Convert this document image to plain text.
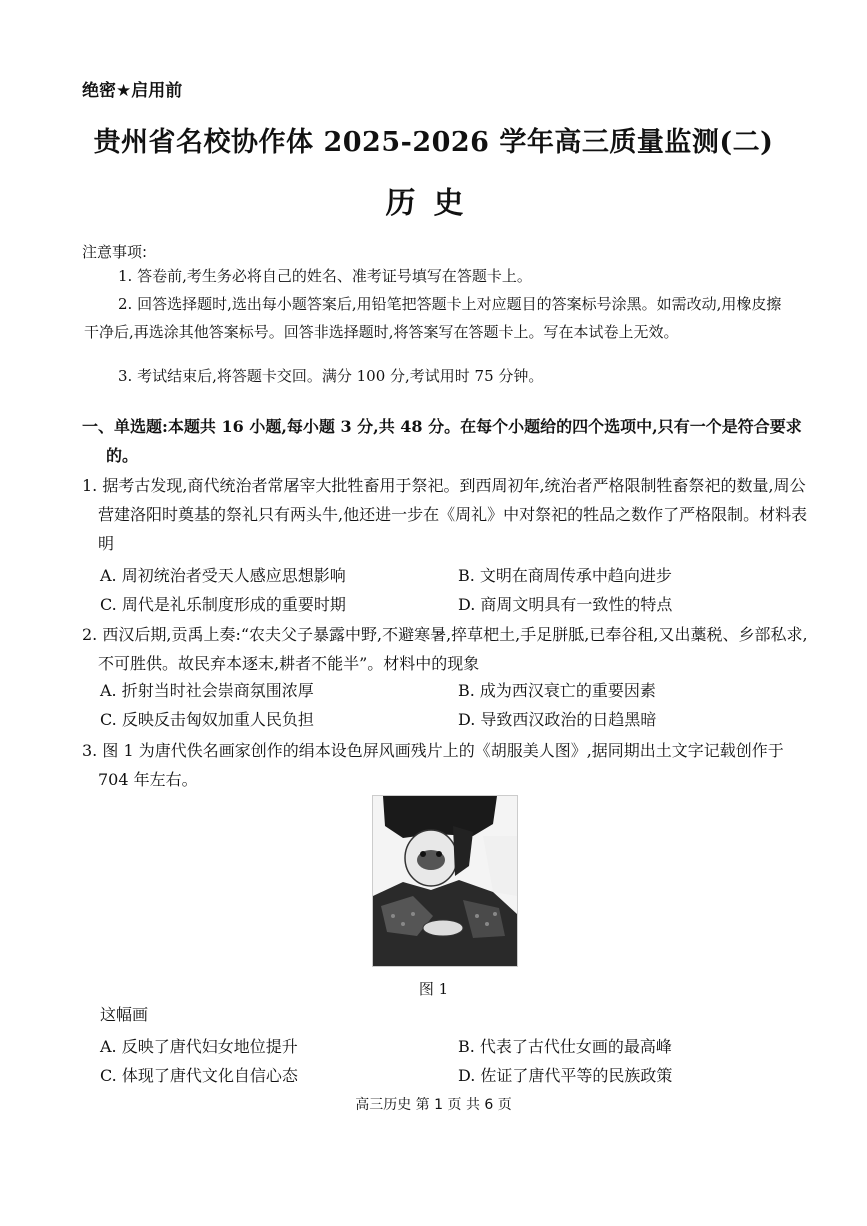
绝密★启用前
贵州省名校协作体 2025-2026 学年高三质量监测(二)
历史
注意事项:
1. 答卷前,考生务必将自己的姓名、准考证号填写在答题卡上。
2. 回答选择题时,选出每小题答案后,用铅笔把答题卡上对应题目的答案标号涂黑。如需改动,用橡皮擦干净后,再选涂其他答案标号。回答非选择题时,将答案写在答题卡上。写在本试卷上无效。
3. 考试结束后,将答题卡交回。满分 100 分,考试用时 75 分钟。
一、单选题:本题共 16 小题,每小题 3 分,共 48 分。在每个小题给的四个选项中,只有一个是符合要求的。
1. 据考古发现,商代统治者常屠宰大批牲畜用于祭祀。到西周初年,统治者严格限制牲畜祭祀的数量,周公营建洛阳时奠基的祭礼只有两头牛,他还进一步在《周礼》中对祭祀的牲品之数作了严格限制。材料表明
A. 周初统治者受天人感应思想影响	B. 文明在商周传承中趋向进步
C. 周代是礼乐制度形成的重要时期	D. 商周文明具有一致性的特点
2. 西汉后期,贡禹上奏:“农夫父子暴露中野,不避寒暑,捽草杷土,手足胼胝,已奉谷租,又出藁税、乡部私求,不可胜供。故民弃本逐末,耕者不能半”。材料中的现象
A. 折射当时社会崇商氛围浓厚	B. 成为西汉衰亡的重要因素
C. 反映反击匈奴加重人民负担	D. 导致西汉政治的日趋黑暗
3. 图 1 为唐代佚名画家创作的绢本设色屏风画残片上的《胡服美人图》,据同期出土文字记载创作于 704 年左右。
图 1
这幅画
A. 反映了唐代妇女地位提升	B. 代表了古代仕女画的最高峰
C. 体现了唐代文化自信心态	D. 佐证了唐代平等的民族政策
高三历史 第 1 页 共 6 页
